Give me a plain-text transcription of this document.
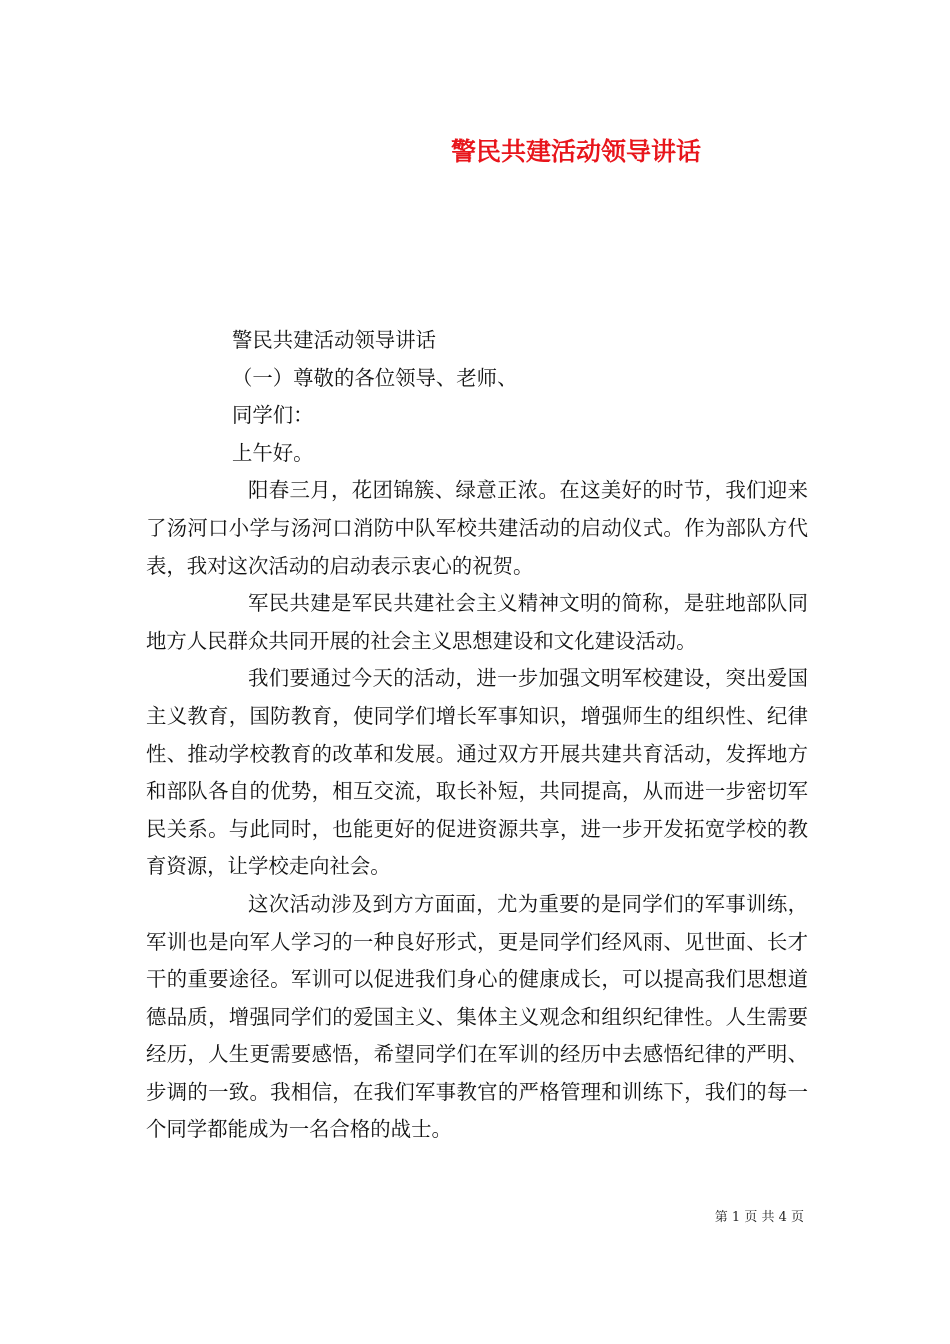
警民共建活动领导讲话

警民共建活动领导讲话

（一）尊敬的各位领导、老师、

同学们：

上午好。

阳春三月，花团锦簇、绿意正浓。在这美好的时节，我们迎来了汤河口小学与汤河口消防中队军校共建活动的启动仪式。作为部队方代表，我对这次活动的启动表示衷心的祝贺。

军民共建是军民共建社会主义精神文明的简称，是驻地部队同地方人民群众共同开展的社会主义思想建设和文化建设活动。

我们要通过今天的活动，进一步加强文明军校建设，突出爱国主义教育，国防教育，使同学们增长军事知识，增强师生的组织性、纪律性、推动学校教育的改革和发展。通过双方开展共建共育活动，发挥地方和部队各自的优势，相互交流，取长补短，共同提高，从而进一步密切军民关系。与此同时，也能更好的促进资源共享，进一步开发拓宽学校的教育资源，让学校走向社会。

这次活动涉及到方方面面，尤为重要的是同学们的军事训练，军训也是向军人学习的一种良好形式，更是同学们经风雨、见世面、长才干的重要途径。军训可以促进我们身心的健康成长，可以提高我们思想道德品质，增强同学们的爱国主义、集体主义观念和组织纪律性。人生需要经历，人生更需要感悟，希望同学们在军训的经历中去感悟纪律的严明、步调的一致。我相信，在我们军事教官的严格管理和训练下，我们的每一个同学都能成为一名合格的战士。

第 1 页 共 4 页
